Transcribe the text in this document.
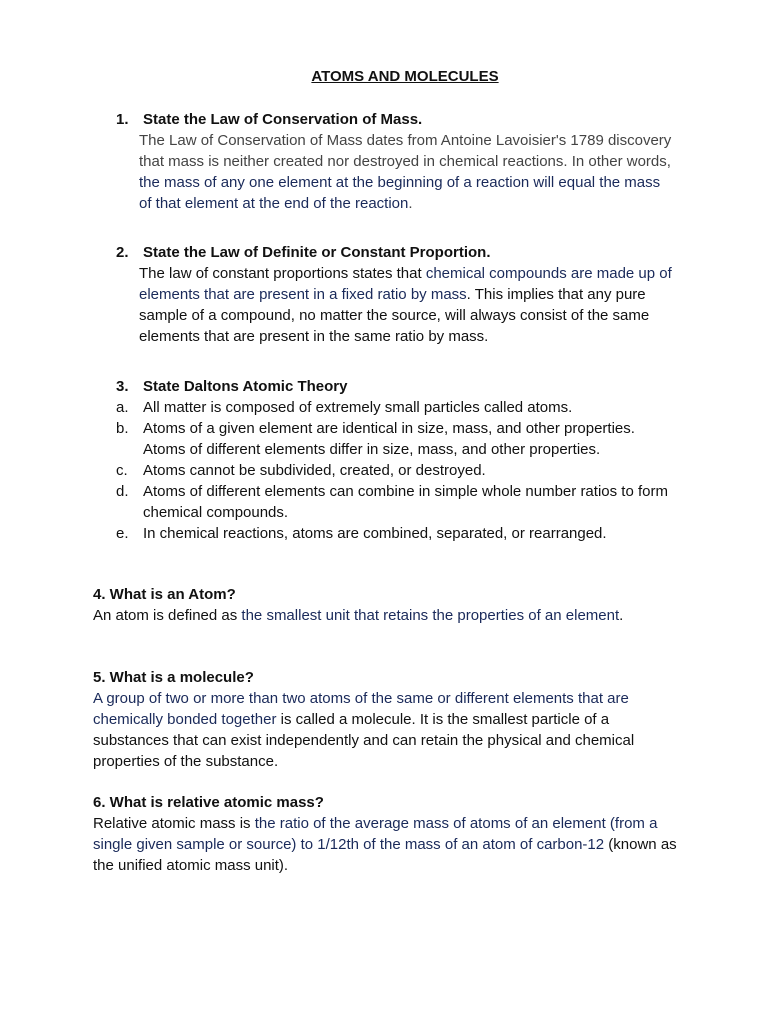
ATOMS AND MOLECULES
1. State the Law of Conservation of Mass.
The Law of Conservation of Mass dates from Antoine Lavoisier's 1789 discovery that mass is neither created nor destroyed in chemical reactions. In other words, the mass of any one element at the beginning of a reaction will equal the mass of that element at the end of the reaction.
2. State the Law of Definite or Constant Proportion.
The law of constant proportions states that chemical compounds are made up of elements that are present in a fixed ratio by mass. This implies that any pure sample of a compound, no matter the source, will always consist of the same elements that are present in the same ratio by mass.
3. State Daltons Atomic Theory
a. All matter is composed of extremely small particles called atoms.
b. Atoms of a given element are identical in size, mass, and other properties. Atoms of different elements differ in size, mass, and other properties.
c.	Atoms cannot be subdivided, created, or destroyed.
d. Atoms of different elements can combine in simple whole number ratios to form chemical compounds.
e. In chemical reactions, atoms are combined, separated, or rearranged.
4. What is an Atom?
An atom is defined as the smallest unit that retains the properties of an element.
5. What is a molecule?
A group of two or more than two atoms of the same or different elements that are chemically bonded together is called a molecule. It is the smallest particle of a substances that can exist independently and can retain the physical and chemical properties of the substance.
6. What is relative atomic mass?
Relative atomic mass is the ratio of the average mass of atoms of an element (from a single given sample or source) to 1/12th of the mass of an atom of carbon-12 (known as the unified atomic mass unit).
